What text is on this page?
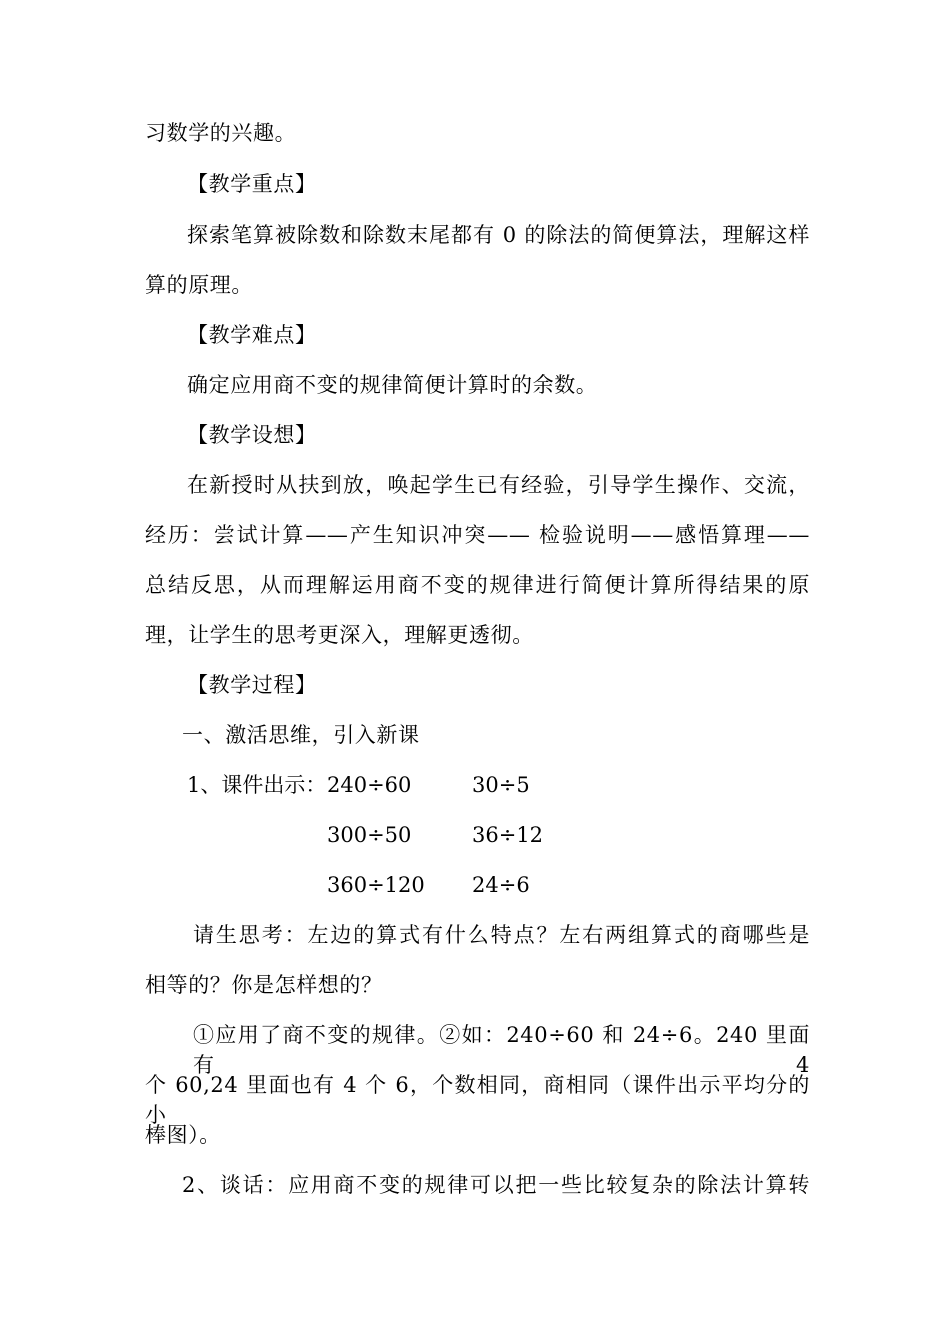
习数学的兴趣。
【教学重点】
探索笔算被除数和除数末尾都有 0 的除法的简便算法，理解这样
算的原理。
【教学难点】
确定应用商不变的规律简便计算时的余数。
【教学设想】
在新授时从扶到放，唤起学生已有经验，引导学生操作、交流，
经历：尝试计算——产生知识冲突—— 检验说明——感悟算理——
总结反思，从而理解运用商不变的规律进行简便计算所得结果的原
理，让学生的思考更深入，理解更透彻。
【教学过程】
一、激活思维，引入新课
1、课件出示： 240÷60	30÷5
300÷50	36÷12
360÷120 24÷6
请生思考：左边的算式有什么特点？左右两组算式的商哪些是
相等的？你是怎样想的？
①应用了商不变的规律。②如：240÷60 和 24÷6。240 里面有 4
个 60,24 里面也有 4 个 6，个数相同，商相同（课件出示平均分的小
棒图）。
2、谈话：应用商不变的规律可以把一些比较复杂的除法计算转
